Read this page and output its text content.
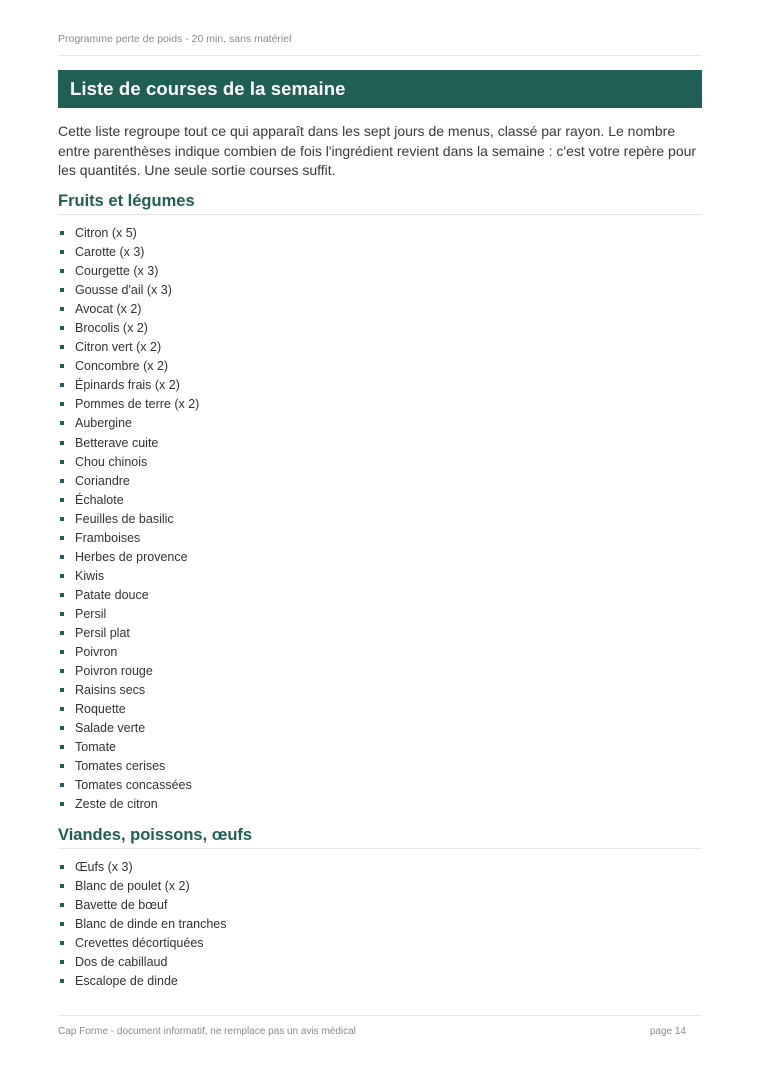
Programme perte de poids - 20 min, sans matériel
Liste de courses de la semaine

Cette liste regroupe tout ce qui apparaît dans les sept jours de menus, classé par rayon. Le nombre entre parenthèses indique combien de fois l'ingrédient revient dans la semaine : c'est votre repère pour les quantités. Une seule sortie courses suffit.

Fruits et légumes
Citron (x 5)
Carotte (x 3)
Courgette (x 3)
Gousse d'ail (x 3)
Avocat (x 2)
Brocolis (x 2)
Citron vert (x 2)
Concombre (x 2)
Épinards frais (x 2)
Pommes de terre (x 2)
Aubergine
Betterave cuite
Chou chinois
Coriandre
Échalote
Feuilles de basilic
Framboises
Herbes de provence
Kiwis
Patate douce
Persil
Persil plat
Poivron
Poivron rouge
Raisins secs
Roquette
Salade verte
Tomate
Tomates cerises
Tomates concassées
Zeste de citron
Viandes, poissons, œufs
Œufs (x 3)
Blanc de poulet (x 2)
Bavette de bœuf
Blanc de dinde en tranches
Crevettes décortiquées
Dos de cabillaud
Escalope de dinde
Cap Forme - document informatif, ne remplace pas un avis médical	page 14
